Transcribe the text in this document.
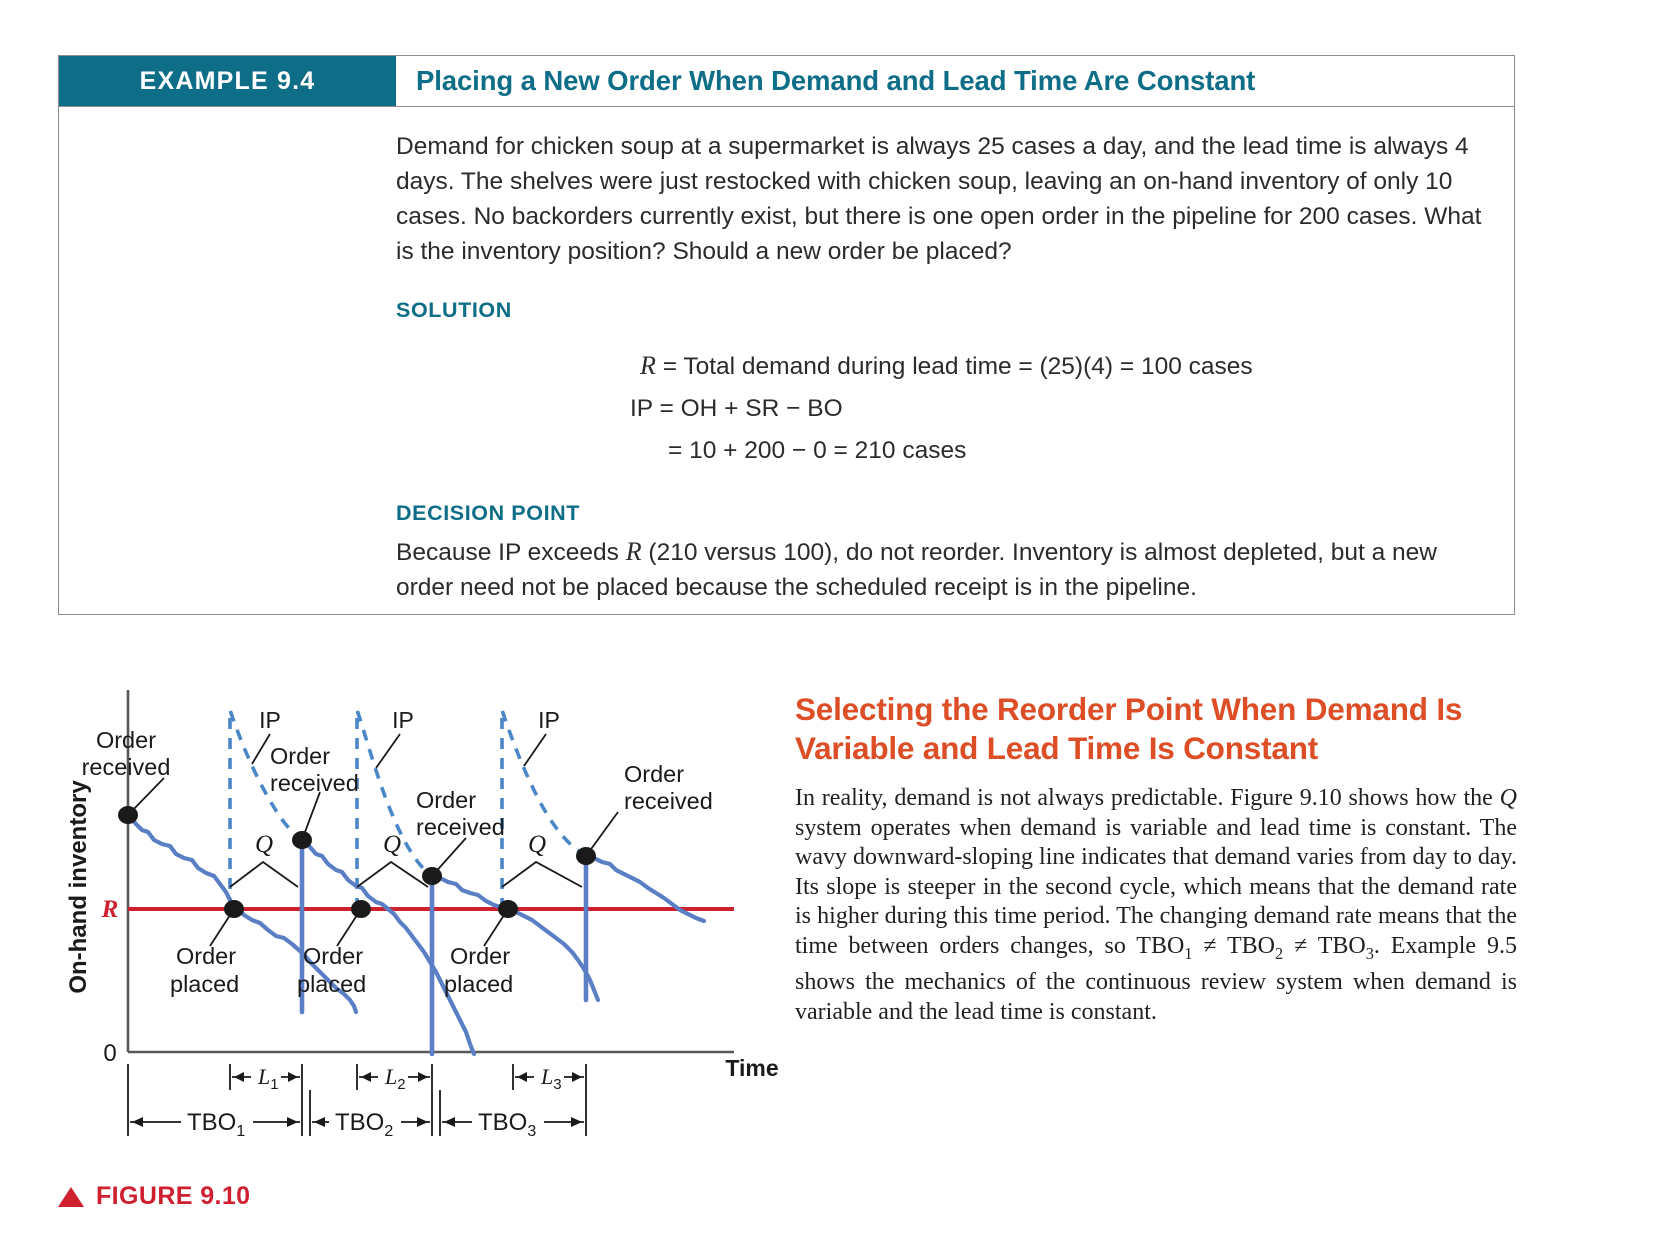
EXAMPLE 9.4	Placing a New Order When Demand and Lead Time Are Constant

Demand for chicken soup at a supermarket is always 25 cases a day, and the lead time is always 4 days. The shelves were just restocked with chicken soup, leaving an on-hand inventory of only 10 cases. No backorders currently exist, but there is one open order in the pipeline for 200 cases. What is the inventory position? Should a new order be placed?

SOLUTION
R = Total demand during lead time = (25)(4) = 100 cases
IP = OH + SR − BO
= 10 + 200 − 0 = 210 cases
DECISION POINT

Because IP exceeds R (210 versus 100), do not reorder. Inventory is almost depleted, but a new order need not be placed because the scheduled receipt is in the pipeline.

IP	IP	IP
Order
received	Order
received
Order
received
Order
received
Order
placed
Order
placed
Order
placed
Q	Q	Q
R
0
On-hand inventory
Time
$L_1$	$L_2$	$L_3$
$TBO_1$	$TBO_2$	$TBO_3$
Selecting the Reorder Point When Demand Is Variable and Lead Time Is Constant

In reality, demand is not always predictable. Figure 9.10 shows how the Q system operates when demand is variable and lead time is constant. The wavy downward-sloping line indicates that demand varies from day to day. Its slope is steeper in the second cycle, which means that the demand rate is higher during this time period. The changing demand rate means that the time between orders changes, so $TBO_1 \ne TBO_2 \ne TBO_3$. Example 9.5 shows the mechanics of the continuous review system when demand is variable and the lead time is constant.

FIGURE 9.10
